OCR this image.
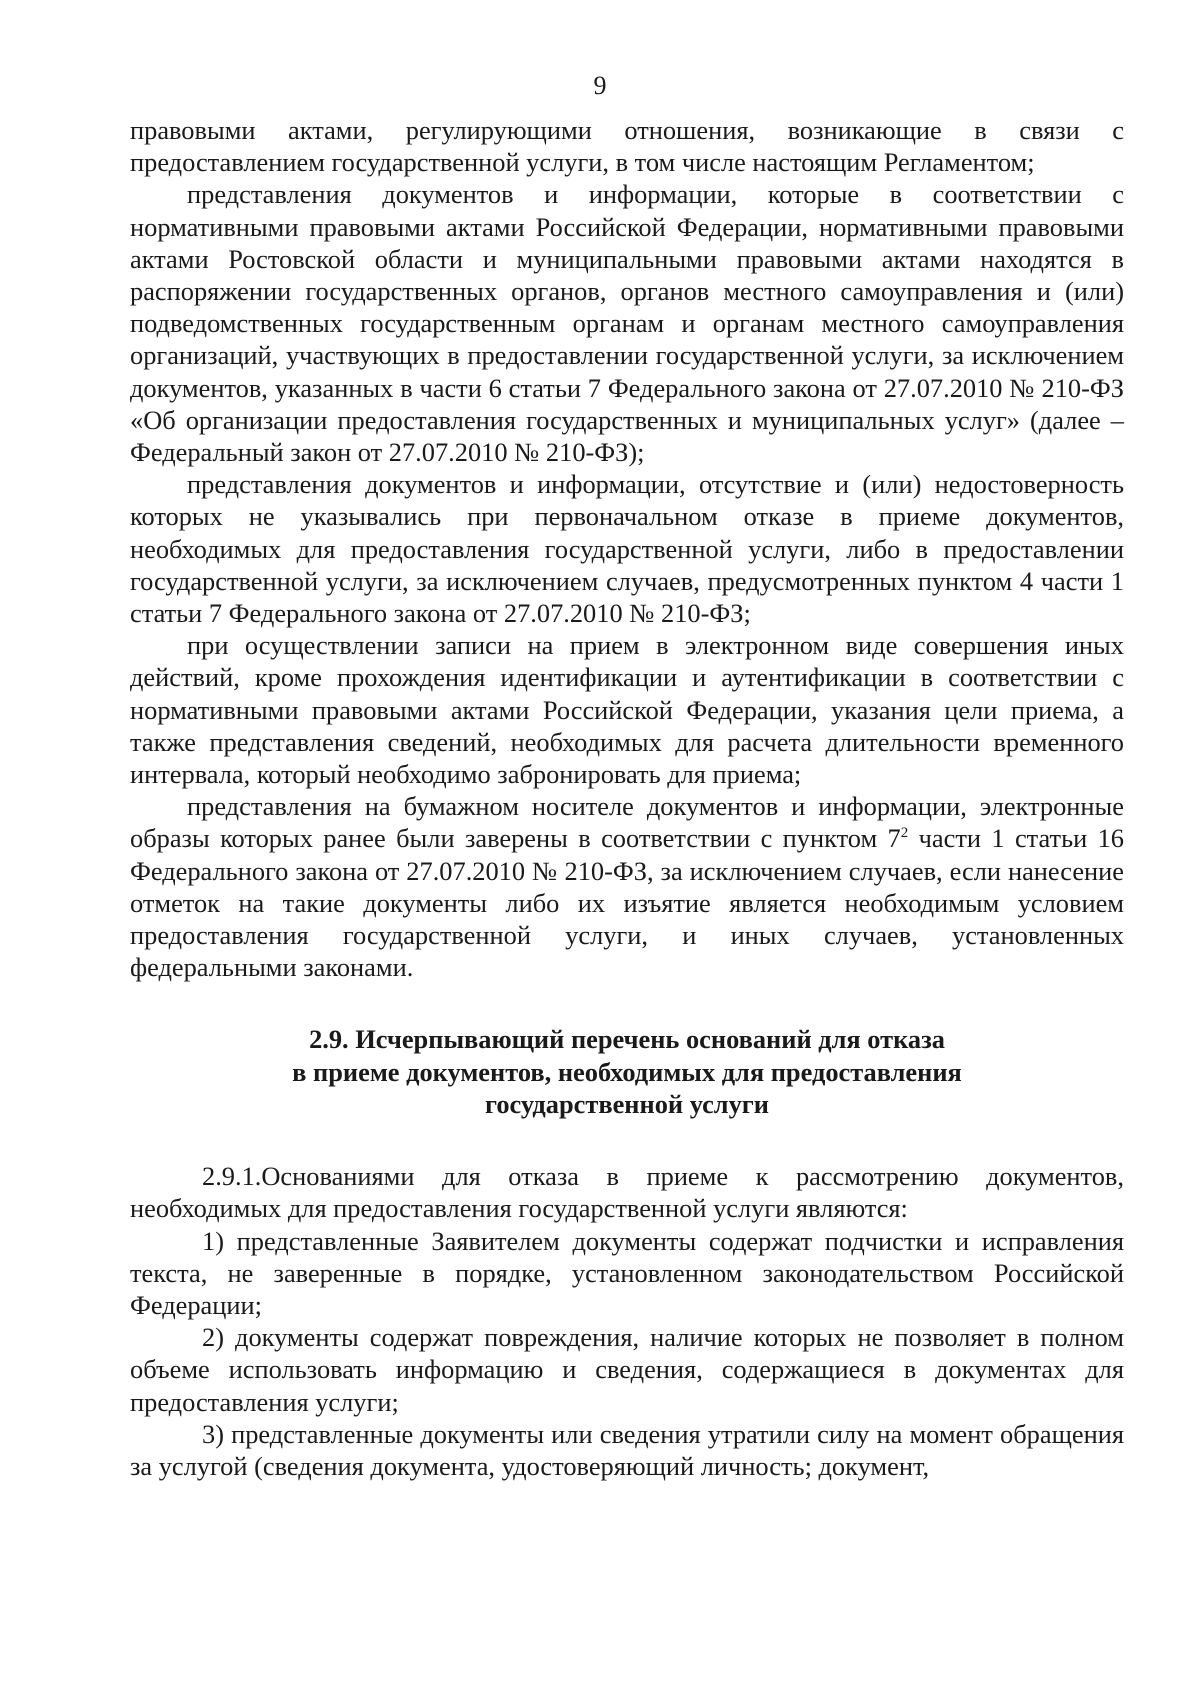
9

правовыми актами, регулирующими отношения, возникающие в связи с предоставлением государственной услуги, в том числе настоящим Регламентом;

представления документов и информации, которые в соответствии с нормативными правовыми актами Российской Федерации, нормативными правовыми актами Ростовской области и муниципальными правовыми актами находятся в распоряжении государственных органов, органов местного самоуправления и (или) подведомственных государственным органам и органам местного самоуправления организаций, участвующих в предоставлении государственной услуги, за исключением документов, указанных в части 6 статьи 7 Федерального закона от 27.07.2010 № 210-ФЗ «Об организации предоставления государственных и муниципальных услуг» (далее – Федеральный закон от 27.07.2010 № 210-ФЗ);

представления документов и информации, отсутствие и (или) недостоверность которых не указывались при первоначальном отказе в приеме документов, необходимых для предоставления государственной услуги, либо в предоставлении государственной услуги, за исключением случаев, предусмотренных пунктом 4 части 1 статьи 7 Федерального закона от 27.07.2010 № 210-ФЗ;

при осуществлении записи на прием в электронном виде совершения иных действий, кроме прохождения идентификации и аутентификации в соответствии с нормативными правовыми актами Российской Федерации, указания цели приема, а также представления сведений, необходимых для расчета длительности временного интервала, который необходимо забронировать для приема;

представления на бумажном носителе документов и информации, электронные образы которых ранее были заверены в соответствии с пунктом $7^2$ части 1 статьи 16 Федерального закона от 27.07.2010 № 210-ФЗ, за исключением случаев, если нанесение отметок на такие документы либо их изъятие является необходимым условием предоставления государственной услуги, и иных случаев, установленных федеральными законами.

2.9. Исчерпывающий перечень оснований для отказа
в приеме документов, необходимых для предоставления
государственной услуги

2.9.1.Основаниями для отказа в приеме к рассмотрению документов, необходимых для предоставления государственной услуги являются:

1) представленные Заявителем документы содержат подчистки и исправления текста, не заверенные в порядке, установленном законодательством Российской Федерации;

2) документы содержат повреждения, наличие которых не позволяет в полном объеме использовать информацию и сведения, содержащиеся в документах для предоставления услуги;

3) представленные документы или сведения утратили силу на момент обращения за услугой (сведения документа, удостоверяющий личность; документ,
